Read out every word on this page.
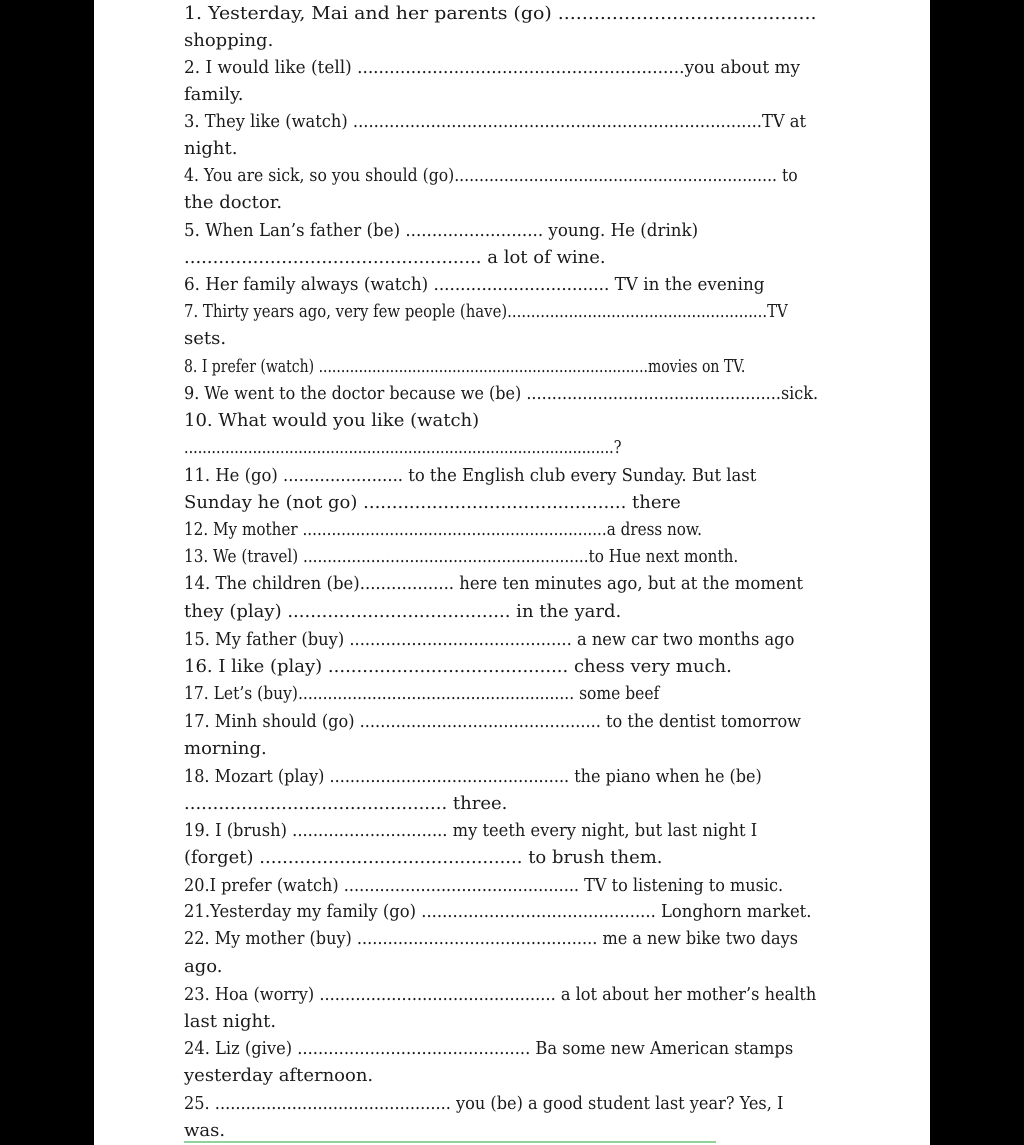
1. Yesterday, Mai and her parents (go) ...........................................
shopping.
2. I would like (tell) .............................................................you about my
family.
3. They like (watch) ...............................................................................TV at
night.
4. You are sick, so you should (go)................................................................. to
the doctor.
5. When Lan’s father (be) .......................... young. He (drink)
.................................................... a lot of wine.
6. Her family always (watch) ................................. TV in the evening
7. Thirty years ago, very few people (have).......................................................TV
sets.
8. I prefer (watch) ..........................................................................movies on TV.
9. We went to the doctor because we (be) ..................................................sick.
10. What would you like (watch)
..............................................................................................?
11. He (go) ....................... to the English club every Sunday. But last
Sunday he (not go) .............................................. there
12. My mother ...............................................................a dress now.
13. We (travel) ...........................................................to Hue next month.
14. The children (be).................. here ten minutes ago, but at the moment
they (play) ....................................... in the yard.
15. My father (buy) ........................................... a new car two months ago
16. I like (play) .......................................... chess very much.
17. Let’s (buy)........................................................ some beef
17. Minh should (go) ............................................... to the dentist tomorrow
morning.
18. Mozart (play) ............................................... the piano when he (be)
.............................................. three.
19. I (brush) .............................. my teeth every night, but last night I
(forget) .............................................. to brush them.
20.I prefer (watch) .............................................. TV to listening to music.
21.Yesterday my family (go) ............................................. Longhorn market.
22. My mother (buy) ............................................... me a new bike two days
ago.
23. Hoa (worry) .............................................. a lot about her mother’s health
last night.
24. Liz (give) ............................................. Ba some new American stamps
yesterday afternoon.
25. .............................................. you (be) a good student last year? Yes, I
was.
